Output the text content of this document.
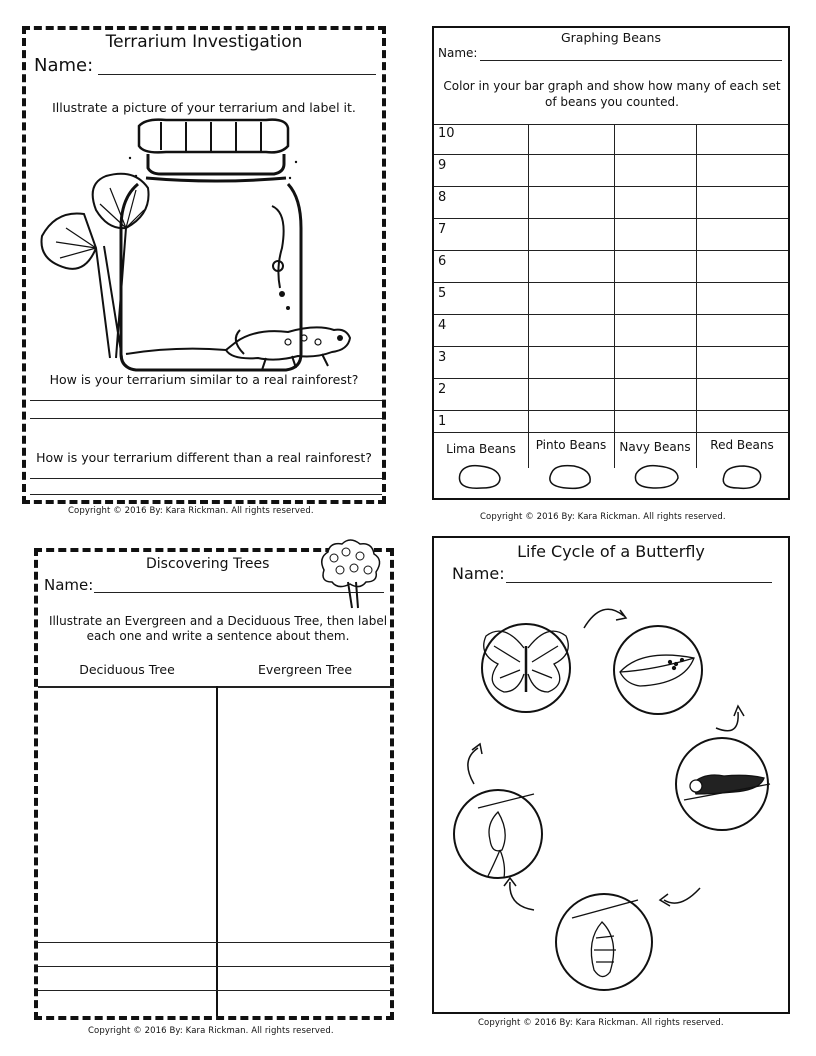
Terrarium Investigation
Name:
Illustrate a picture of your terrarium and label it.
How is your terrarium similar to a real rainforest?
How is your terrarium different than a real rainforest?
Copyright © 2016 By: Kara Rickman. All rights reserved.
Graphing Beans
Name:
Color in your bar graph and show how many of each set of beans you counted.
10
9
8
7
6
5
4
3
2
1
Lima Beans	Pinto Beans	Navy Beans	Red Beans
Copyright © 2016 By: Kara Rickman. All rights reserved.
Discovering Trees
Name:
Illustrate an Evergreen and a Deciduous Tree, then label each one and write a sentence about them.
Deciduous Tree	Evergreen Tree
Copyright © 2016 By: Kara Rickman. All rights reserved.
Life Cycle of a Butterfly
Name:
Copyright © 2016 By: Kara Rickman. All rights reserved.
